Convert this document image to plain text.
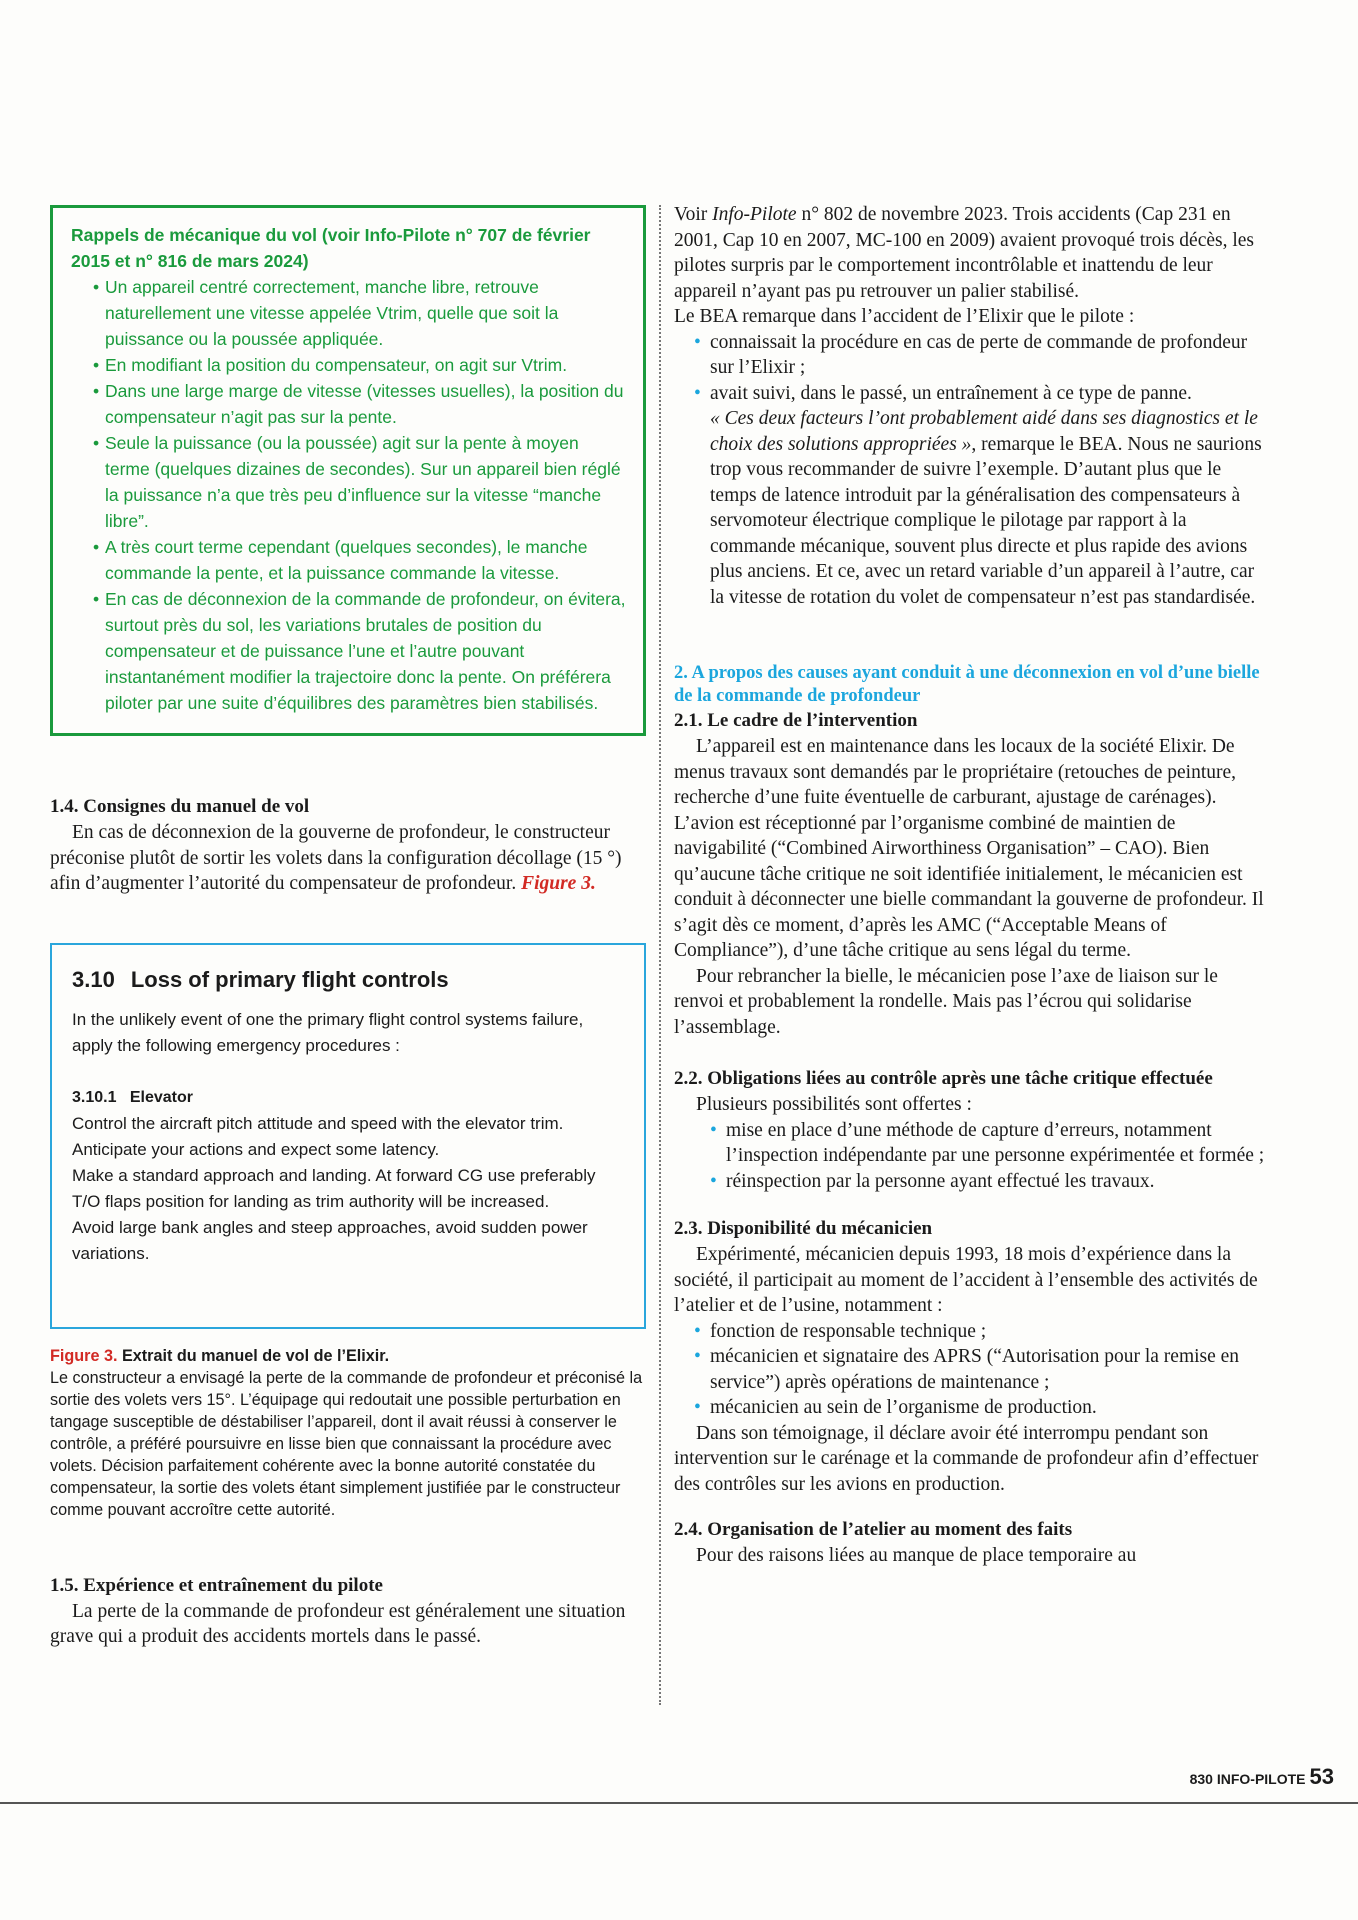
Rappels de mécanique du vol (voir Info-Pilote n° 707 de février 2015 et n° 816 de mars 2024)

• Un appareil centré correctement, manche libre, retrouve naturellement une vitesse appelée Vtrim, quelle que soit la puissance ou la poussée appliquée.
• En modifiant la position du compensateur, on agit sur Vtrim.
• Dans une large marge de vitesse (vitesses usuelles), la position du compensateur n’agit pas sur la pente.
• Seule la puissance (ou la poussée) agit sur la pente à moyen terme (quelques dizaines de secondes). Sur un appareil bien réglé la puissance n’a que très peu d’influence sur la vitesse “manche libre”.
• A très court terme cependant (quelques secondes), le manche commande la pente, et la puissance commande la vitesse.
• En cas de déconnexion de la commande de profondeur, on évitera, surtout près du sol, les variations brutales de position du compensateur et de puissance l’une et l’autre pouvant instantanément modifier la trajectoire donc la pente. On préférera piloter par une suite d’équilibres des paramètres bien stabilisés.

1.4. Consignes du manuel de vol

En cas de déconnexion de la gouverne de profondeur, le constructeur préconise plutôt de sortir les volets dans la configuration décollage (15 °) afin d’augmenter l’autorité du compensateur de profondeur. Figure 3.

3.10 Loss of primary flight controls

In the unlikely event of one the primary flight control systems failure, apply the following emergency procedures :

3.10.1 Elevator

Control the aircraft pitch attitude and speed with the elevator trim. Anticipate your actions and expect some latency.

Make a standard approach and landing. At forward CG use preferably T/O flaps position for landing as trim authority will be increased.

Avoid large bank angles and steep approaches, avoid sudden power variations.

Figure 3. Extrait du manuel de vol de l’Elixir.
Le constructeur a envisagé la perte de la commande de profondeur et préconisé la sortie des volets vers 15°. L’équipage qui redoutait une possible perturbation en tangage susceptible de déstabiliser l’appareil, dont il avait réussi à conserver le contrôle, a préféré poursuivre en lisse bien que connaissant la procédure avec volets. Décision parfaitement cohérente avec la bonne autorité constatée du compensateur, la sortie des volets étant simplement justifiée par le constructeur comme pouvant accroître cette autorité.

1.5. Expérience et entraînement du pilote

La perte de la commande de profondeur est généralement une situation grave qui a produit des accidents mortels dans le passé.

Voir Info-Pilote n° 802 de novembre 2023. Trois accidents (Cap 231 en 2001, Cap 10 en 2007, MC-100 en 2009) avaient provoqué trois décès, les pilotes surpris par le comportement incontrôlable et inattendu de leur appareil n’ayant pas pu retrouver un palier stabilisé.

Le BEA remarque dans l’accident de l’Elixir que le pilote :

• connaissait la procédure en cas de perte de commande de profondeur sur l’Elixir ;
• avait suivi, dans le passé, un entraînement à ce type de panne.

« Ces deux facteurs l’ont probablement aidé dans ses diagnostics et le choix des solutions appropriées », remarque le BEA. Nous ne saurions trop vous recommander de suivre l’exemple. D’autant plus que le temps de latence introduit par la généralisation des compensateurs à servomoteur électrique complique le pilotage par rapport à la commande mécanique, souvent plus directe et plus rapide des avions plus anciens. Et ce, avec un retard variable d’un appareil à l’autre, car la vitesse de rotation du volet de compensateur n’est pas standardisée.

2. A propos des causes ayant conduit à une déconnexion en vol d’une bielle de la commande de profondeur

2.1. Le cadre de l’intervention

L’appareil est en maintenance dans les locaux de la société Elixir. De menus travaux sont demandés par le propriétaire (retouches de peinture, recherche d’une fuite éventuelle de carburant, ajustage de carénages). L’avion est réceptionné par l’organisme combiné de maintien de navigabilité (“Combined Airworthiness Organisation” – CAO). Bien qu’aucune tâche critique ne soit identifiée initialement, le mécanicien est conduit à déconnecter une bielle commandant la gouverne de profondeur. Il s’agit dès ce moment, d’après les AMC (“Acceptable Means of Compliance”), d’une tâche critique au sens légal du terme.

Pour rebrancher la bielle, le mécanicien pose l’axe de liaison sur le renvoi et probablement la rondelle. Mais pas l’écrou qui solidarise l’assemblage.

2.2. Obligations liées au contrôle après une tâche critique effectuée

Plusieurs possibilités sont offertes :

• mise en place d’une méthode de capture d’erreurs, notamment l’inspection indépendante par une personne expérimentée et formée ;
• réinspection par la personne ayant effectué les travaux.

2.3. Disponibilité du mécanicien

Expérimenté, mécanicien depuis 1993, 18 mois d’expérience dans la société, il participait au moment de l’accident à l’ensemble des activités de l’atelier et de l’usine, notamment :

• fonction de responsable technique ;
• mécanicien et signataire des APRS (“Autorisation pour la remise en service”) après opérations de maintenance ;
• mécanicien au sein de l’organisme de production.

Dans son témoignage, il déclare avoir été interrompu pendant son intervention sur le carénage et la commande de profondeur afin d’effectuer des contrôles sur les avions en production.

2.4. Organisation de l’atelier au moment des faits

Pour des raisons liées au manque de place temporaire au

830 INFO-PILOTE 53
